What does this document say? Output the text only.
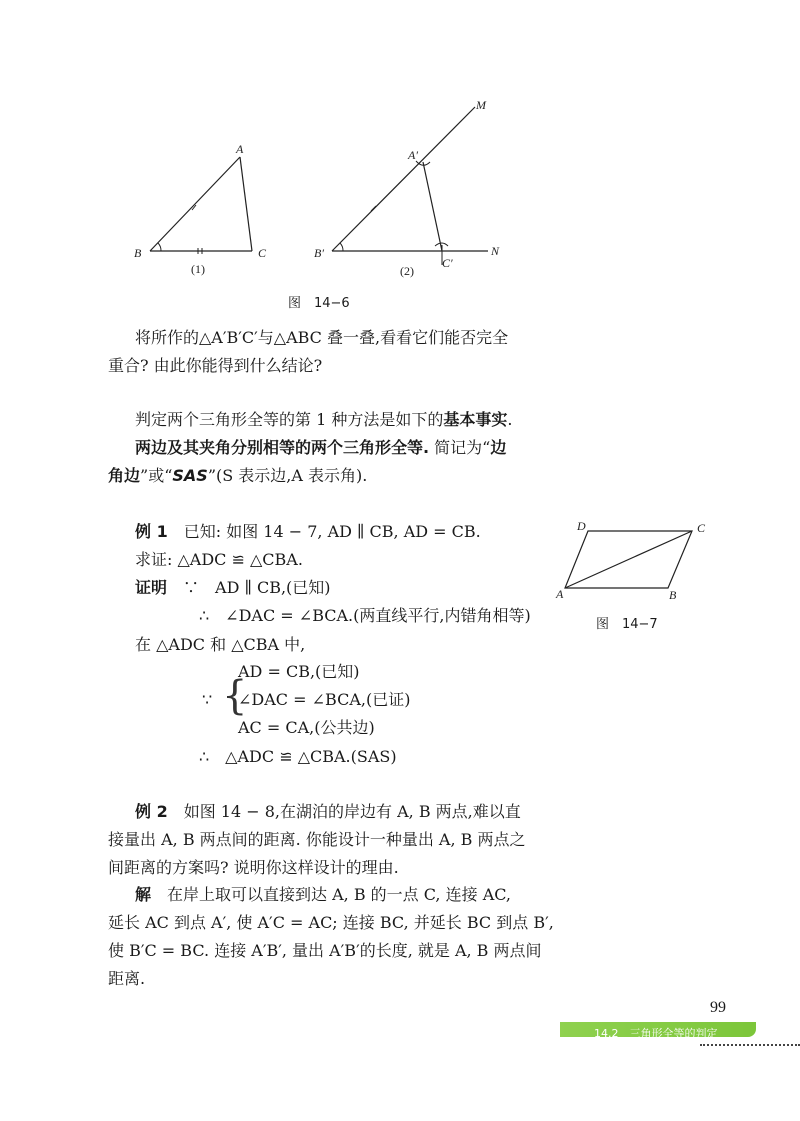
A
B	C
(1)
M
A′
B′
C′
N
(2)
图　14−6
将所作的△A′B′C′与△ABC 叠一叠,看看它们能否完全
重合? 由此你能得到什么结论?
判定两个三角形全等的第 1 种方法是如下的基本事实.
两边及其夹角分别相等的两个三角形全等. 简记为“边
角边”或“SAS”(S 表示边,A 表示角).
例 1　已知: 如图 14 − 7, AD ∥ CB, AD = CB.
求证: △ADC ≌ △CBA.
证明　∵　AD ∥ CB,(已知)
∴　∠DAC = ∠BCA.(两直线平行,内错角相等)
在 △ADC 和 △CBA 中,
AD = CB,(已知)
∵ {
∠DAC = ∠BCA,(已证)
AC = CA,(公共边)
∴　△ADC ≌ △CBA.(SAS)
D	C
A	B
图　14−7
例 2　如图 14 − 8,在湖泊的岸边有 A, B 两点,难以直
接量出 A, B 两点间的距离. 你能设计一种量出 A, B 两点之
间距离的方案吗? 说明你这样设计的理由.
解　在岸上取可以直接到达 A, B 的一点 C, 连接 AC,
延长 AC 到点 A′, 使 A′C = AC; 连接 BC, 并延长 BC 到点 B′,
使 B′C = BC. 连接 A′B′, 量出 A′B′的长度, 就是 A, B 两点间
距离.
99
14.2　三角形全等的判定
